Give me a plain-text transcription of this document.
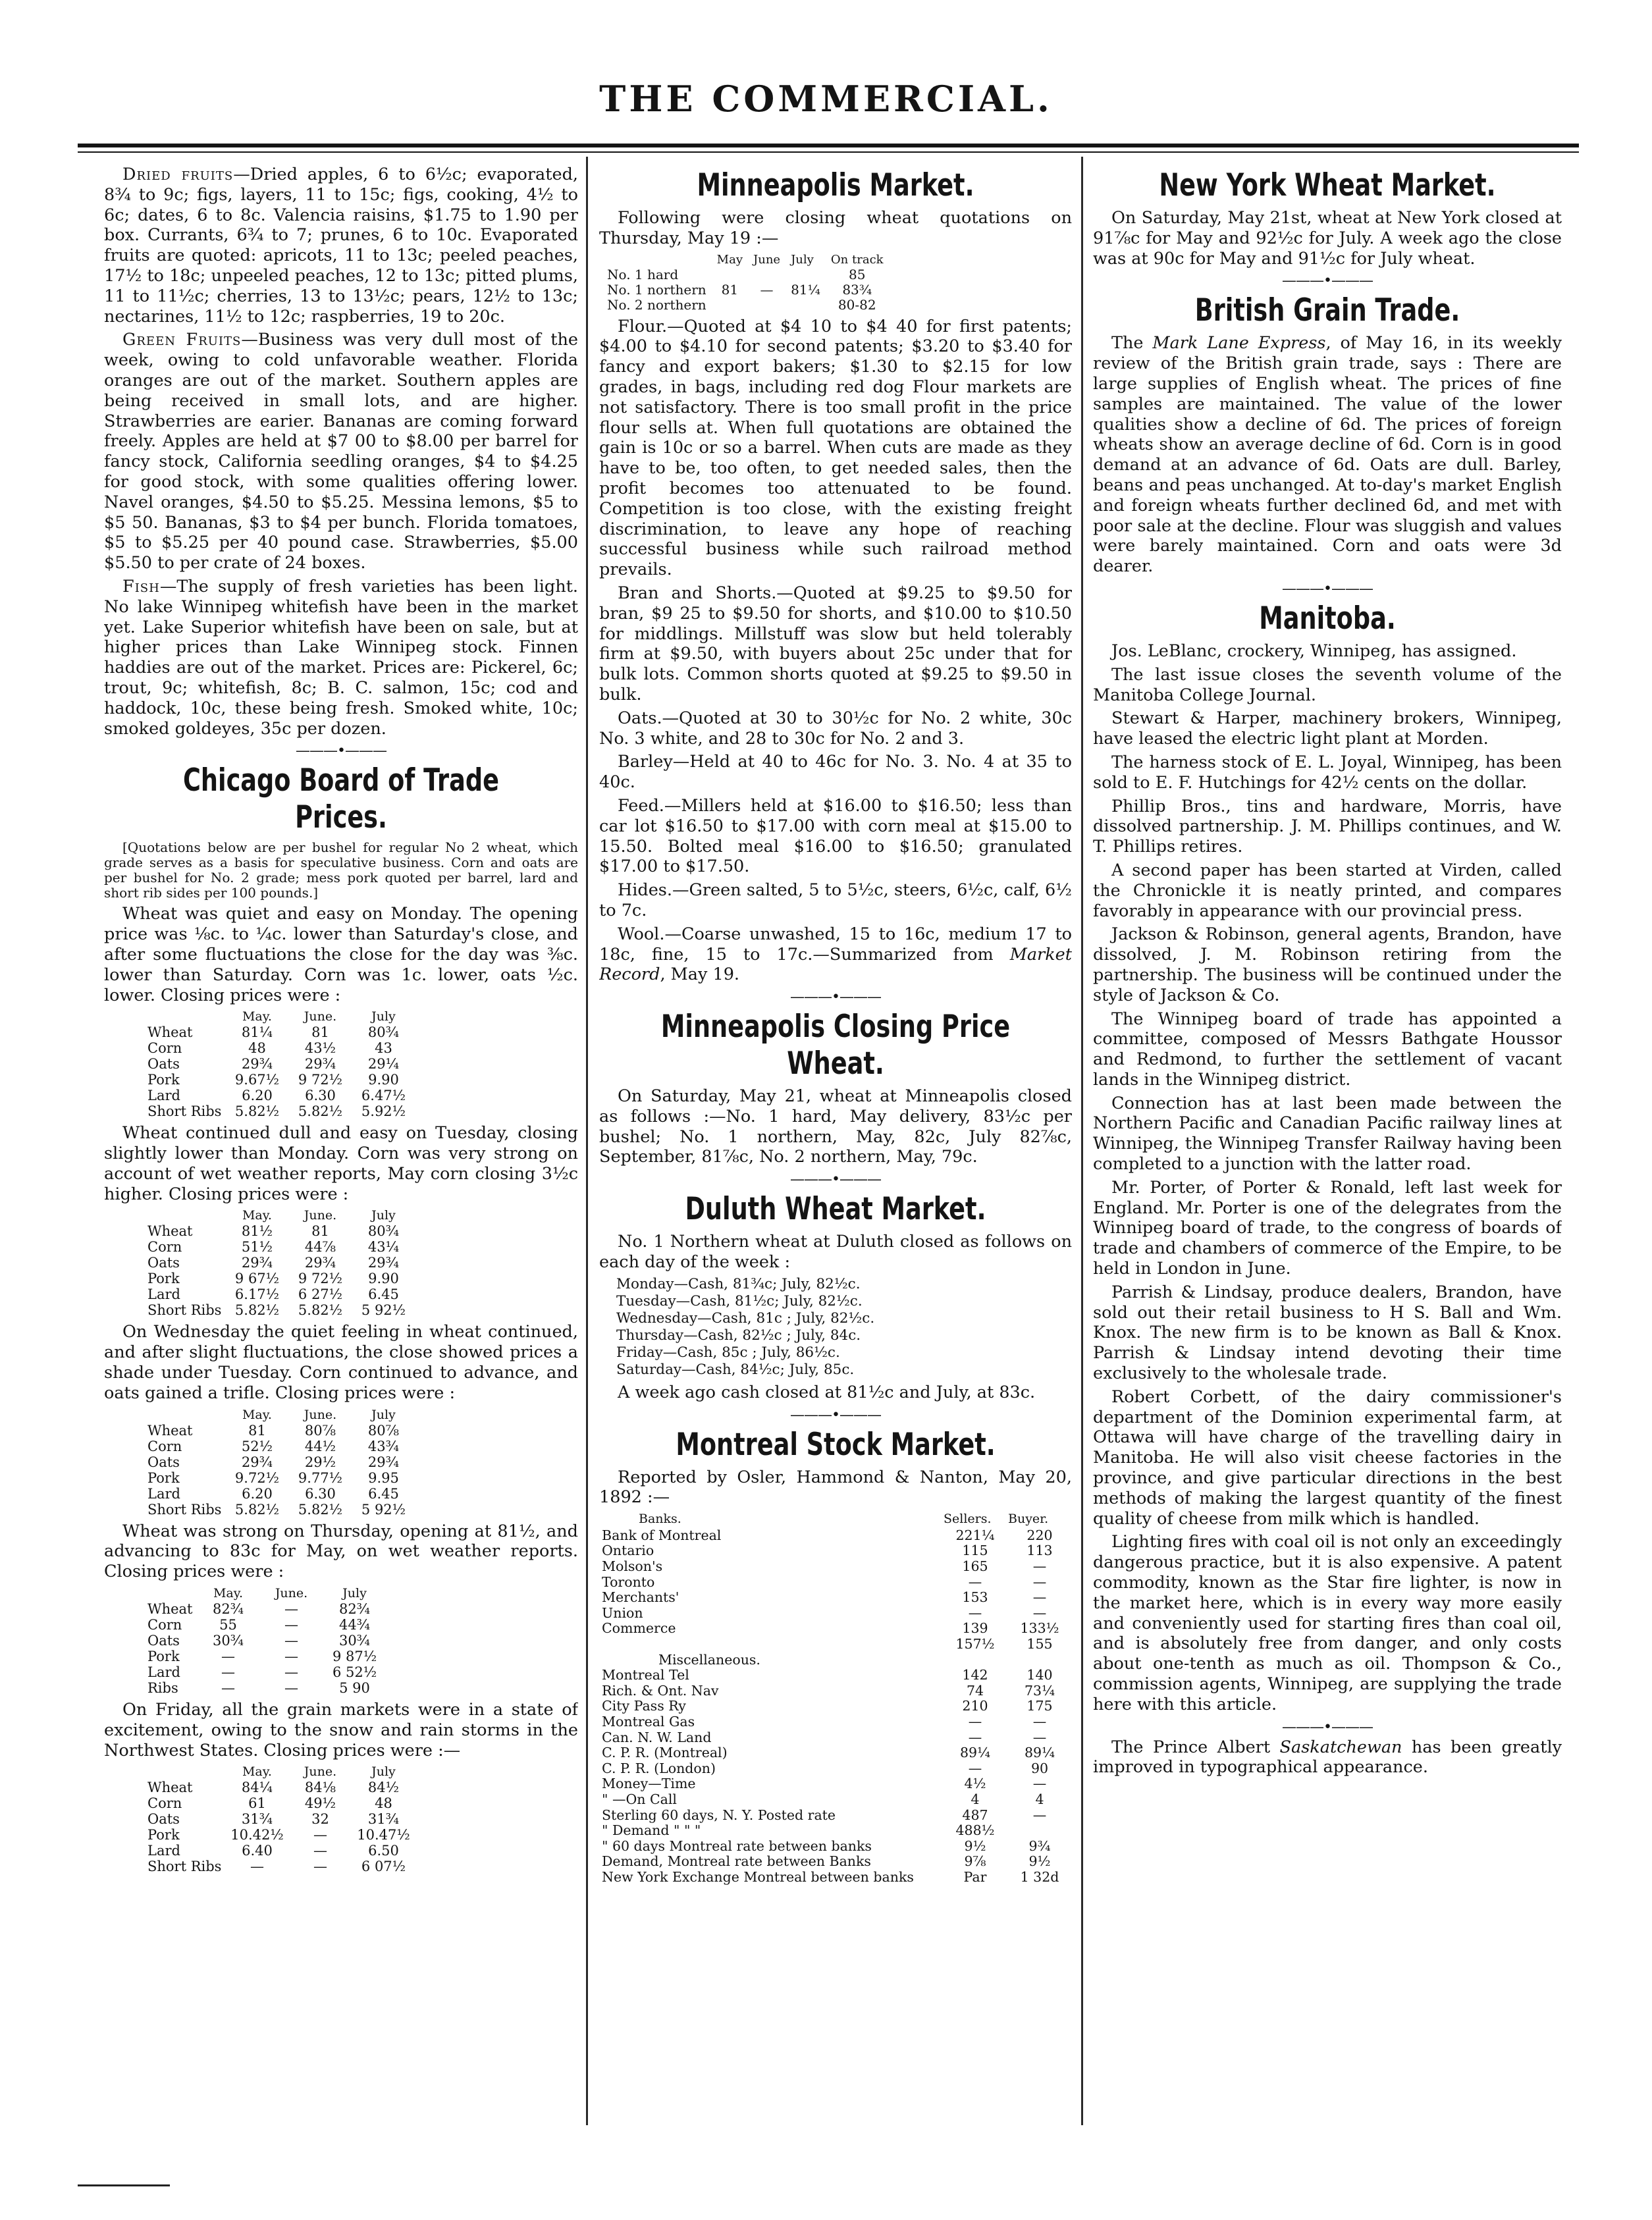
THE COMMERCIAL.

Dried fruits—Dried apples, 6 to 6½c; evaporated, 8¾ to 9c; figs, layers, 11 to 15c; figs, cooking, 4½ to 6c; dates, 6 to 8c. Valencia raisins, $1.75 to 1.90 per box. Currants, 6¾ to 7; prunes, 6 to 10c. Evaporated fruits are quoted: apricots, 11 to 13c; peeled peaches, 17½ to 18c; unpeeled peaches, 12 to 13c; pitted plums, 11 to 11½c; cherries, 13 to 13½c; pears, 12½ to 13c; nectarines, 11½ to 12c; raspberries, 19 to 20c.

Green Fruits—Business was very dull most of the week, owing to cold unfavorable weather. Florida oranges are out of the market. Southern apples are being received in small lots, and are higher. Strawberries are earier. Bananas are coming forward freely. Apples are held at $7 00 to $8.00 per barrel for fancy stock, California seedling oranges, $4 to $4.25 for good stock, with some qualities offering lower. Navel oranges, $4.50 to $5.25. Messina lemons, $5 to $5 50. Bananas, $3 to $4 per bunch. Florida tomatoes, $5 to $5.25 per 40 pound case. Strawberries, $5.00 $5.50 to per crate of 24 boxes.

Fish—The supply of fresh varieties has been light. No lake Winnipeg whitefish have been in the market yet. Lake Superior whitefish have been on sale, but at higher prices than Lake Winnipeg stock. Finnen haddies are out of the market. Prices are: Pickerel, 6c; trout, 9c; whitefish, 8c; B. C. salmon, 15c; cod and haddock, 10c, these being fresh. Smoked white, 10c; smoked goldeyes, 35c per dozen.

———•———
Chicago Board of Trade Prices.

[Quotations below are per bushel for regular No 2 wheat, which grade serves as a basis for speculative business. Corn and oats are per bushel for No. 2 grade; mess pork quoted per barrel, lard and short rib sides per 100 pounds.]

Wheat was quiet and easy on Monday. The opening price was ⅛c. to ¼c. lower than Saturday's close, and after some fluctuations the close for the day was ⅜c. lower than Saturday. Corn was 1c. lower, oats ½c. lower. Closing prices were :

	May.	June.	July
Wheat	81¼	81	80¾
Corn	48	43½	43
Oats	29¾	29¾	29¼
Pork	9.67½	9 72½	9.90
Lard	6.20	6.30	6.47½
Short Ribs	5.82½	5.82½	5.92½

Wheat continued dull and easy on Tuesday, closing slightly lower than Monday. Corn was very strong on account of wet weather reports, May corn closing 3½c higher. Closing prices were :

	May.	June.	July
Wheat	81½	81	80¾
Corn	51½	44⅞	43¼
Oats	29¾	29¾	29¾
Pork	9 67½	9 72½	9.90
Lard	6.17½	6 27½	6.45
Short Ribs	5.82½	5.82½	5 92½

On Wednesday the quiet feeling in wheat continued, and after slight fluctuations, the close showed prices a shade under Tuesday. Corn continued to advance, and oats gained a trifle. Closing prices were :

	May.	June.	July
Wheat	81	80⅞	80⅞
Corn	52½	44½	43¾
Oats	29¾	29½	29¾
Pork	9.72½	9.77½	9.95
Lard	6.20	6.30	6.45
Short Ribs	5.82½	5.82½	5 92½

Wheat was strong on Thursday, opening at 81½, and advancing to 83c for May, on wet weather reports. Closing prices were :

	May.	June.	July
Wheat	82¾	—	82¾
Corn	55	—	44¾
Oats	30¾	—	30¾
Pork	—	—	9 87½
Lard	—	—	6 52½
Ribs	—	—	5 90

On Friday, all the grain markets were in a state of excitement, owing to the snow and rain storms in the Northwest States. Closing prices were :—

	May.	June.	July
Wheat	84¼	84⅛	84½
Corn	61	49½	48
Oats	31¾	32	31¾
Pork	10.42½	—	10.47½
Lard	6.40	—	6.50
Short Ribs	—	—	6 07½
Minneapolis Market.

Following were closing wheat quotations on Thursday, May 19 :—

	May	June	July	On track
No. 1 hard				85
No. 1 northern	81	—	81¼	83¾
No. 2 northern				80-82

Flour.—Quoted at $4 10 to $4 40 for first patents; $4.00 to $4.10 for second patents; $3.20 to $3.40 for fancy and export bakers; $1.30 to $2.15 for low grades, in bags, including red dog Flour markets are not satisfactory. There is too small profit in the price flour sells at. When full quotations are obtained the gain is 10c or so a barrel. When cuts are made as they have to be, too often, to get needed sales, then the profit becomes too attenuated to be found. Competition is too close, with the existing freight discrimination, to leave any hope of reaching successful business while such railroad method prevails.

Bran and Shorts.—Quoted at $9.25 to $9.50 for bran, $9 25 to $9.50 for shorts, and $10.00 to $10.50 for middlings. Millstuff was slow but held tolerably firm at $9.50, with buyers about 25c under that for bulk lots. Common shorts quoted at $9.25 to $9.50 in bulk.

Oats.—Quoted at 30 to 30½c for No. 2 white, 30c No. 3 white, and 28 to 30c for No. 2 and 3.

Barley—Held at 40 to 46c for No. 3. No. 4 at 35 to 40c.

Feed.—Millers held at $16.00 to $16.50; less than car lot $16.50 to $17.00 with corn meal at $15.00 to 15.50. Bolted meal $16.00 to $16.50; granulated $17.00 to $17.50.

Hides.—Green salted, 5 to 5½c, steers, 6½c, calf, 6½ to 7c.

Wool.—Coarse unwashed, 15 to 16c, medium 17 to 18c, fine, 15 to 17c.—Summarized from Market Record, May 19.

———•———
Minneapolis Closing Price Wheat.

On Saturday, May 21, wheat at Minneapolis closed as follows :—No. 1 hard, May delivery, 83½c per bushel; No. 1 northern, May, 82c, July 82⅞c, September, 81⅞c, No. 2 northern, May, 79c.

———•———
Duluth Wheat Market.

No. 1 Northern wheat at Duluth closed as follows on each day of the week :

Monday—Cash, 81¾c; July, 82½c.
Tuesday—Cash, 81½c; July, 82½c.
Wednesday—Cash, 81c ; July, 82½c.
Thursday—Cash, 82½c ; July, 84c.
Friday—Cash, 85c ; July, 86½c.
Saturday—Cash, 84½c; July, 85c.

A week ago cash closed at 81½c and July, at 83c.

———•———
Montreal Stock Market.

Reported by Osler, Hammond & Nanton, May 20, 1892 :—

Banks.	Sellers.	Buyer.
Bank of Montreal	221¼	220
Ontario	115	113
Molson's	165	—
Toronto	—	—
Merchants'	153	—
Union	—	—
Commerce	139	133½
	157½	155
Miscellaneous.		
Montreal Tel	142	140
Rich. & Ont. Nav	74	73¼
City Pass Ry	210	175
Montreal Gas	—	—
Can. N. W. Land	—	—
C. P. R. (Montreal)	89¼	89¼
C. P. R. (London)	—	90
Money—Time	4½	—
" —On Call	4	4
Sterling 60 days, N. Y. Posted rate	487	—
" Demand " " "	488½	
" 60 days Montreal rate between banks	9½	9¾
Demand, Montreal rate between Banks	9⅞	9½
New York Exchange Montreal between banks	Par	1 32d
New York Wheat Market.

On Saturday, May 21st, wheat at New York closed at 91⅞c for May and 92½c for July. A week ago the close was at 90c for May and 91½c for July wheat.

———•———
British Grain Trade.

The Mark Lane Express, of May 16, in its weekly review of the British grain trade, says : There are large supplies of English wheat. The prices of fine samples are maintained. The value of the lower qualities show a decline of 6d. The prices of foreign wheats show an average decline of 6d. Corn is in good demand at an advance of 6d. Oats are dull. Barley, beans and peas unchanged. At to-day's market English and foreign wheats further declined 6d, and met with poor sale at the decline. Flour was sluggish and values were barely maintained. Corn and oats were 3d dearer.

———•———
Manitoba.

Jos. LeBlanc, crockery, Winnipeg, has assigned.

The last issue closes the seventh volume of the Manitoba College Journal.

Stewart & Harper, machinery brokers, Winnipeg, have leased the electric light plant at Morden.

The harness stock of E. L. Joyal, Winnipeg, has been sold to E. F. Hutchings for 42½ cents on the dollar.

Phillip Bros., tins and hardware, Morris, have dissolved partnership. J. M. Phillips continues, and W. T. Phillips retires.

A second paper has been started at Virden, called the Chronickle it is neatly printed, and compares favorably in appearance with our provincial press.

Jackson & Robinson, general agents, Brandon, have dissolved, J. M. Robinson retiring from the partnership. The business will be continued under the style of Jackson & Co.

The Winnipeg board of trade has appointed a committee, composed of Messrs Bathgate Houssor and Redmond, to further the settlement of vacant lands in the Winnipeg district.

Connection has at last been made between the Northern Pacific and Canadian Pacific railway lines at Winnipeg, the Winnipeg Transfer Railway having been completed to a junction with the latter road.

Mr. Porter, of Porter & Ronald, left last week for England. Mr. Porter is one of the delegrates from the Winnipeg board of trade, to the congress of boards of trade and chambers of commerce of the Empire, to be held in London in June.

Parrish & Lindsay, produce dealers, Brandon, have sold out their retail business to H S. Ball and Wm. Knox. The new firm is to be known as Ball & Knox. Parrish & Lindsay intend devoting their time exclusively to the wholesale trade.

Robert Corbett, of the dairy commissioner's department of the Dominion experimental farm, at Ottawa will have charge of the travelling dairy in Manitoba. He will also visit cheese factories in the province, and give particular directions in the best methods of making the largest quantity of the finest quality of cheese from milk which is handled.

Lighting fires with coal oil is not only an exceedingly dangerous practice, but it is also expensive. A patent commodity, known as the Star fire lighter, is now in the market here, which is in every way more easily and conveniently used for starting fires than coal oil, and is absolutely free from danger, and only costs about one-tenth as much as oil. Thompson & Co., commission agents, Winnipeg, are supplying the trade here with this article.

———•———

The Prince Albert Saskatchewan has been greatly improved in typographical appearance.
